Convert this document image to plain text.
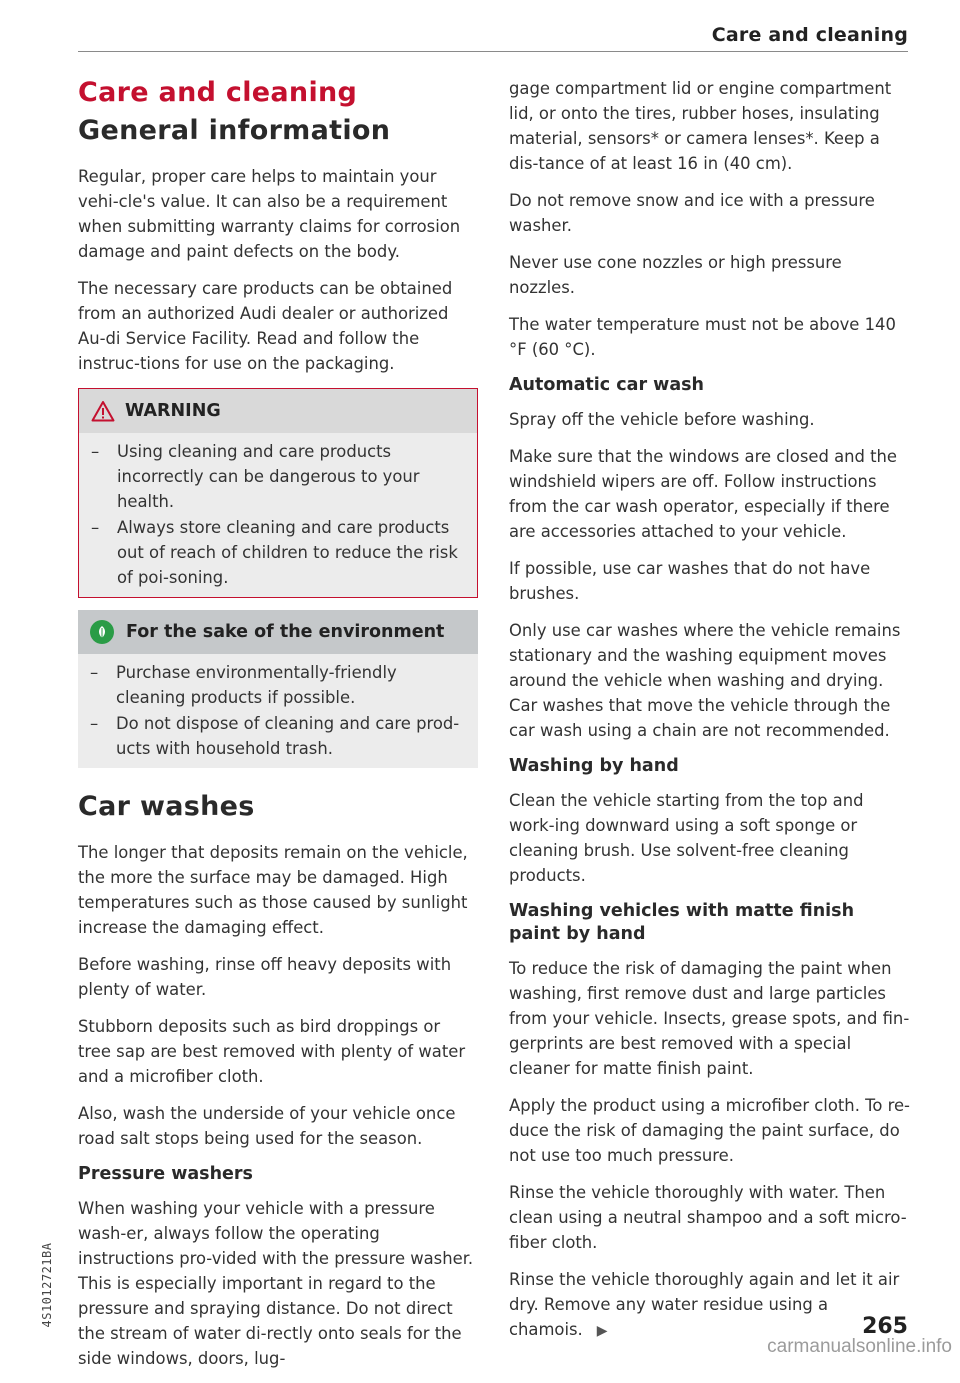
Care and cleaning
Care and cleaning
General information

Regular, proper care helps to maintain your vehi-cle's value. It can also be a requirement when submitting warranty claims for corrosion damage and paint defects on the body.

The necessary care products can be obtained from an authorized Audi dealer or authorized Au-di Service Facility. Read and follow the instruc-tions for use on the packaging.

WARNING
– Using cleaning and care products incorrectly can be dangerous to your health.
– Always store cleaning and care products out of reach of children to reduce the risk of poi-soning.
For the sake of the environment
– Purchase environmentally-friendly cleaning products if possible.
– Do not dispose of cleaning and care prod-ucts with household trash.
Car washes

The longer that deposits remain on the vehicle, the more the surface may be damaged. High temperatures such as those caused by sunlight increase the damaging effect.

Before washing, rinse off heavy deposits with plenty of water.

Stubborn deposits such as bird droppings or tree sap are best removed with plenty of water and a microfiber cloth.

Also, wash the underside of your vehicle once road salt stops being used for the season.

Pressure washers

When washing your vehicle with a pressure wash-er, always follow the operating instructions pro-vided with the pressure washer. This is especially important in regard to the pressure and spraying distance. Do not direct the stream of water di-rectly onto seals for the side windows, doors, lug-

gage compartment lid or engine compartment lid, or onto the tires, rubber hoses, insulating material, sensors* or camera lenses*. Keep a dis-tance of at least 16 in (40 cm).

Do not remove snow and ice with a pressure washer.

Never use cone nozzles or high pressure nozzles.

The water temperature must not be above 140 °F (60 °C).

Automatic car wash

Spray off the vehicle before washing.

Make sure that the windows are closed and the windshield wipers are off. Follow instructions from the car wash operator, especially if there are accessories attached to your vehicle.

If possible, use car washes that do not have brushes.

Only use car washes where the vehicle remains stationary and the washing equipment moves around the vehicle when washing and drying. Car washes that move the vehicle through the car wash using a chain are not recommended.

Washing by hand

Clean the vehicle starting from the top and work-ing downward using a soft sponge or cleaning brush. Use solvent-free cleaning products.

Washing vehicles with matte finish paint by hand

To reduce the risk of damaging the paint when washing, first remove dust and large particles from your vehicle. Insects, grease spots, and fin-gerprints are best removed with a special cleaner for matte finish paint.

Apply the product using a microfiber cloth. To re-duce the risk of damaging the paint surface, do not use too much pressure.

Rinse the vehicle thoroughly with water. Then clean using a neutral shampoo and a soft micro-fiber cloth.

Rinse the vehicle thoroughly again and let it air dry. Remove any water residue using a chamois. ▶

4S1012721BA	265
carmanualsonline.info
